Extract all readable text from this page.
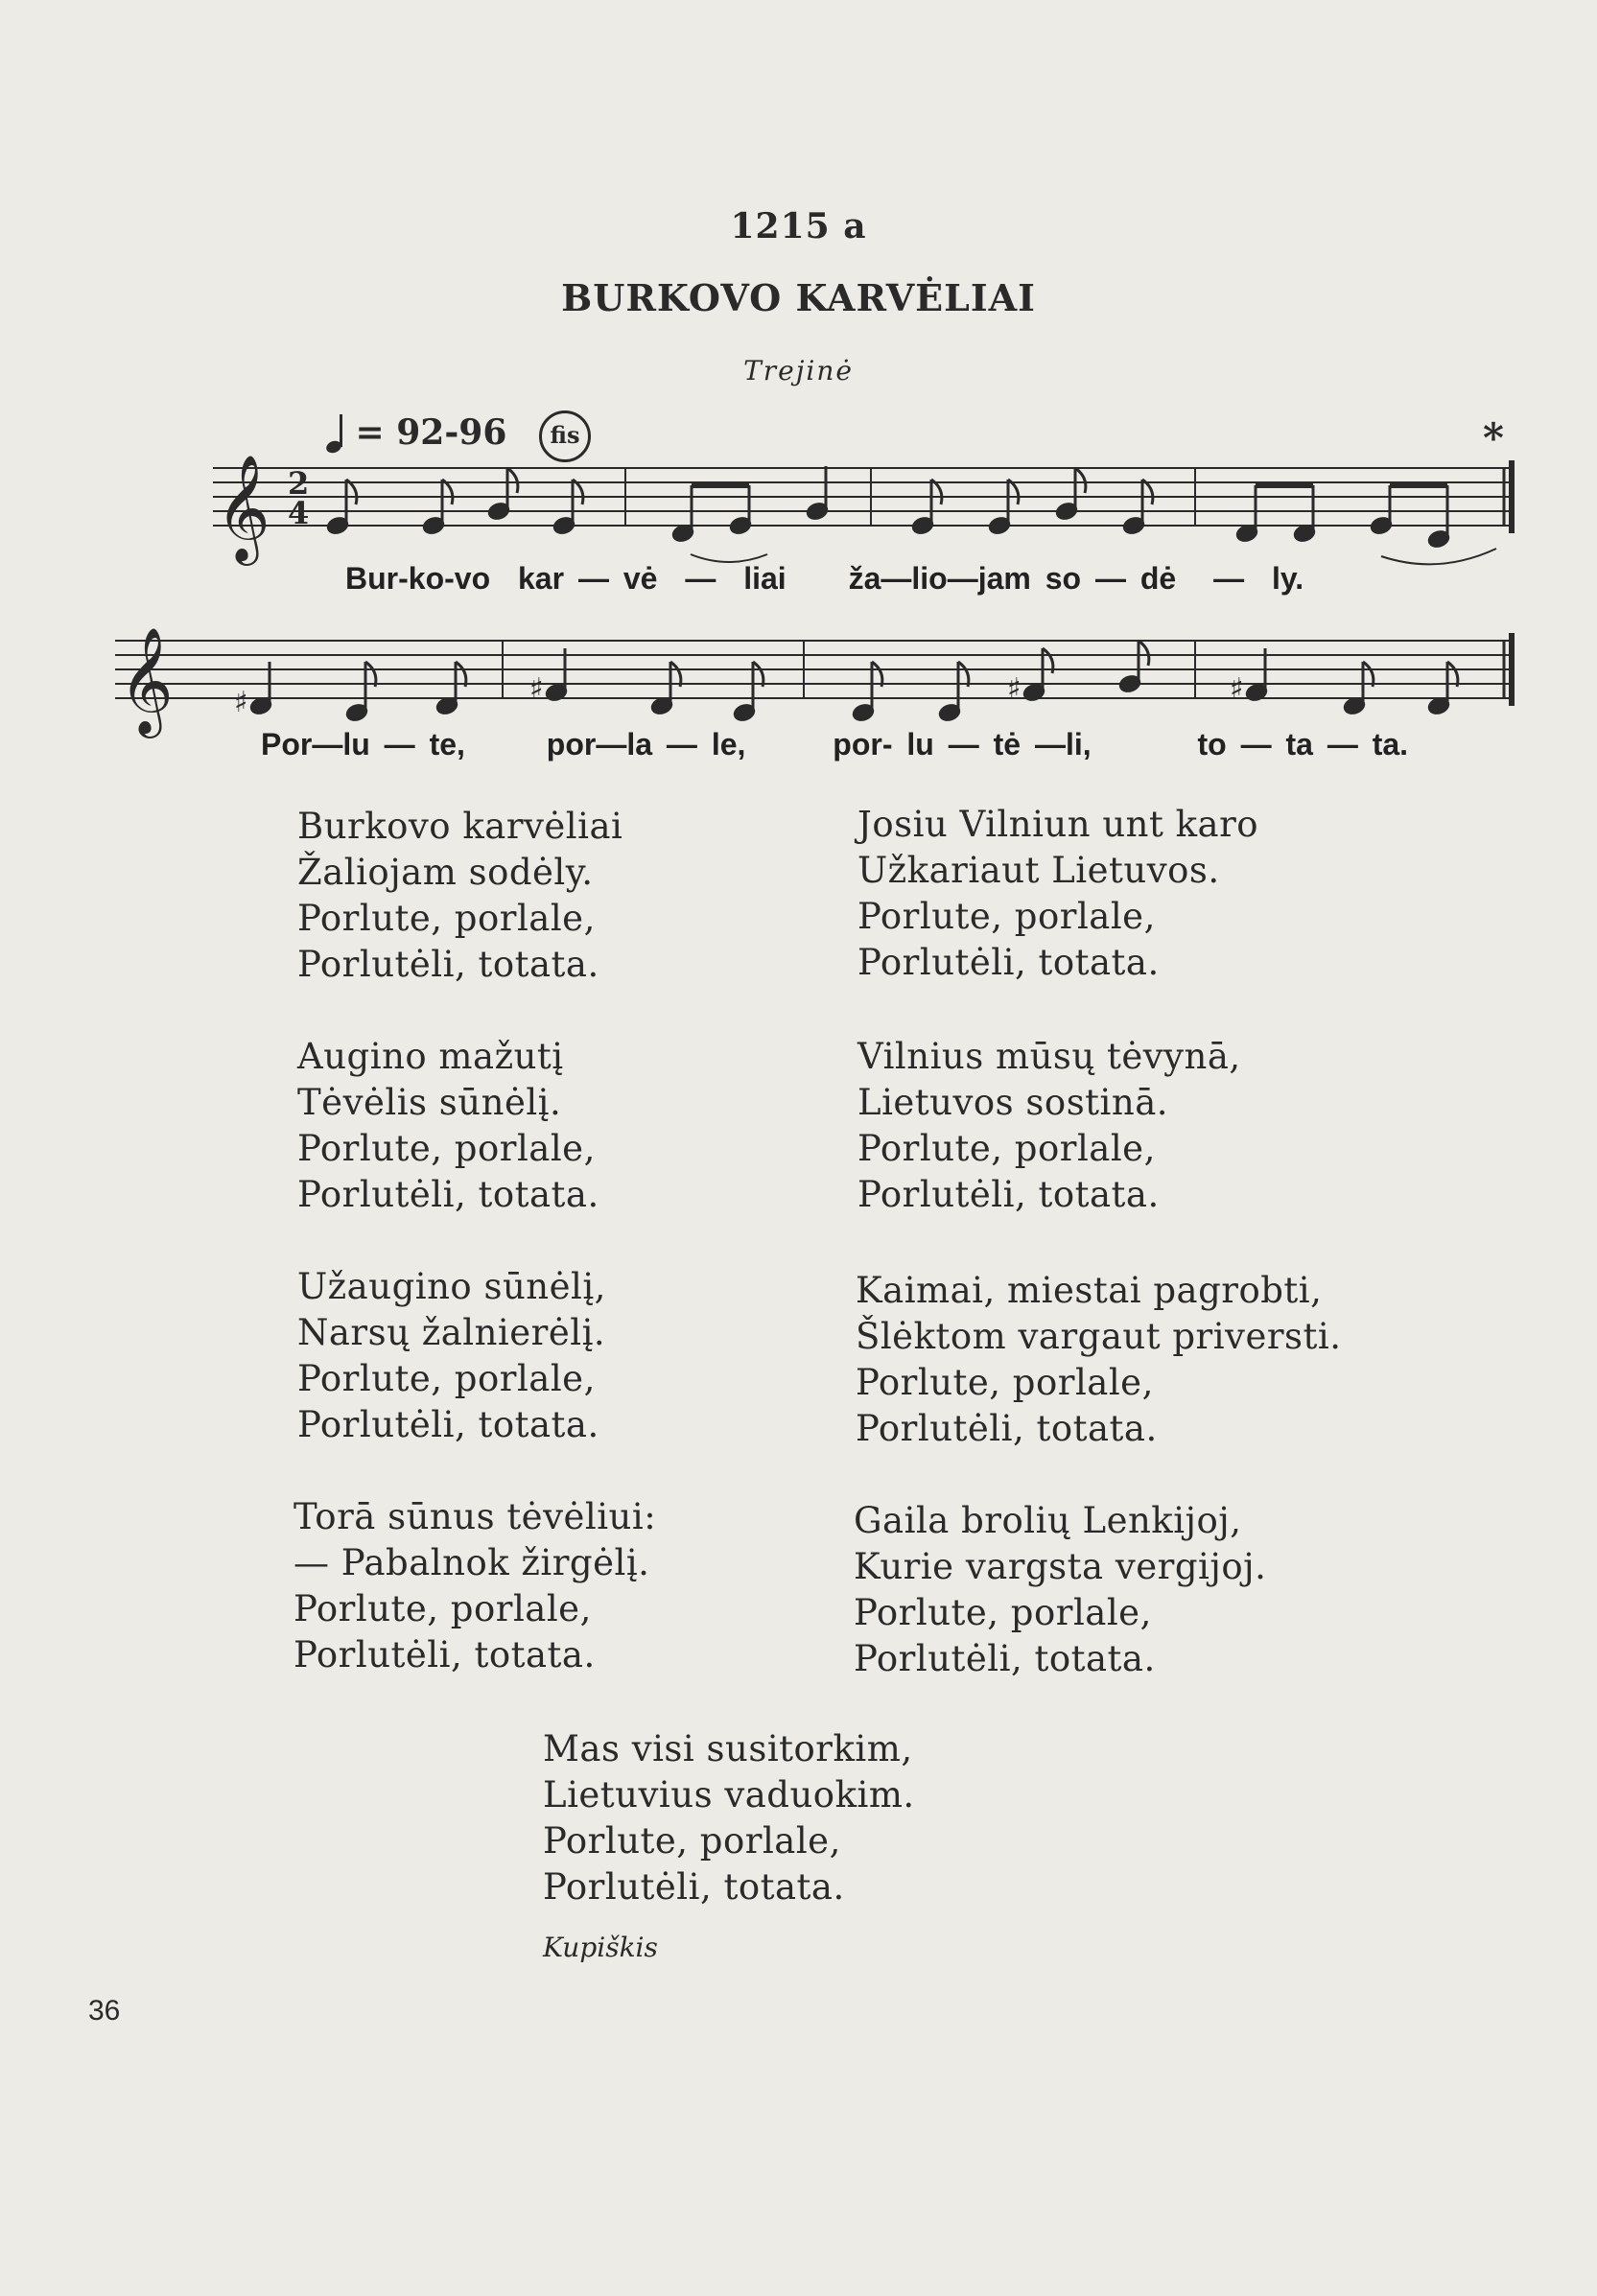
1215 a
BURKOVO KARVĖLIAI
Trejinė
= 92-96	fis	*
𝄞 2
4
Bur-ko-vo kar — vė — liai ža—lio—jam so — dė — ly.
𝄞 ♯	♯	♯	♯
Por—lu — te,	por—la — le,	por- lu — tė —li,	to — ta — ta.
Burkovo karvėliai
Žaliojam sodėly.
Porlute, porlale,
Porlutėli, totata.
Augino mažutį
Tėvėlis sūnėlį.
Porlute, porlale,
Porlutėli, totata.
Užaugino sūnėlį,
Narsų žalnierėlį.
Porlute, porlale,
Porlutėli, totata.
Torā sūnus tėvėliui:
— Pabalnok žirgėlį.
Porlute, porlale,
Porlutėli, totata.
Josiu Vilniun unt karo
Užkariaut Lietuvos.
Porlute, porlale,
Porlutėli, totata.
Vilnius mūsų tėvynā,
Lietuvos sostinā.
Porlute, porlale,
Porlutėli, totata.
Kaimai, miestai pagrobti,
Šlėktom vargaut priversti.
Porlute, porlale,
Porlutėli, totata.
Gaila brolių Lenkijoj,
Kurie vargsta vergijoj.
Porlute, porlale,
Porlutėli, totata.
Mas visi susitorkim,
Lietuvius vaduokim.
Porlute, porlale,
Porlutėli, totata.
Kupiškis
36
